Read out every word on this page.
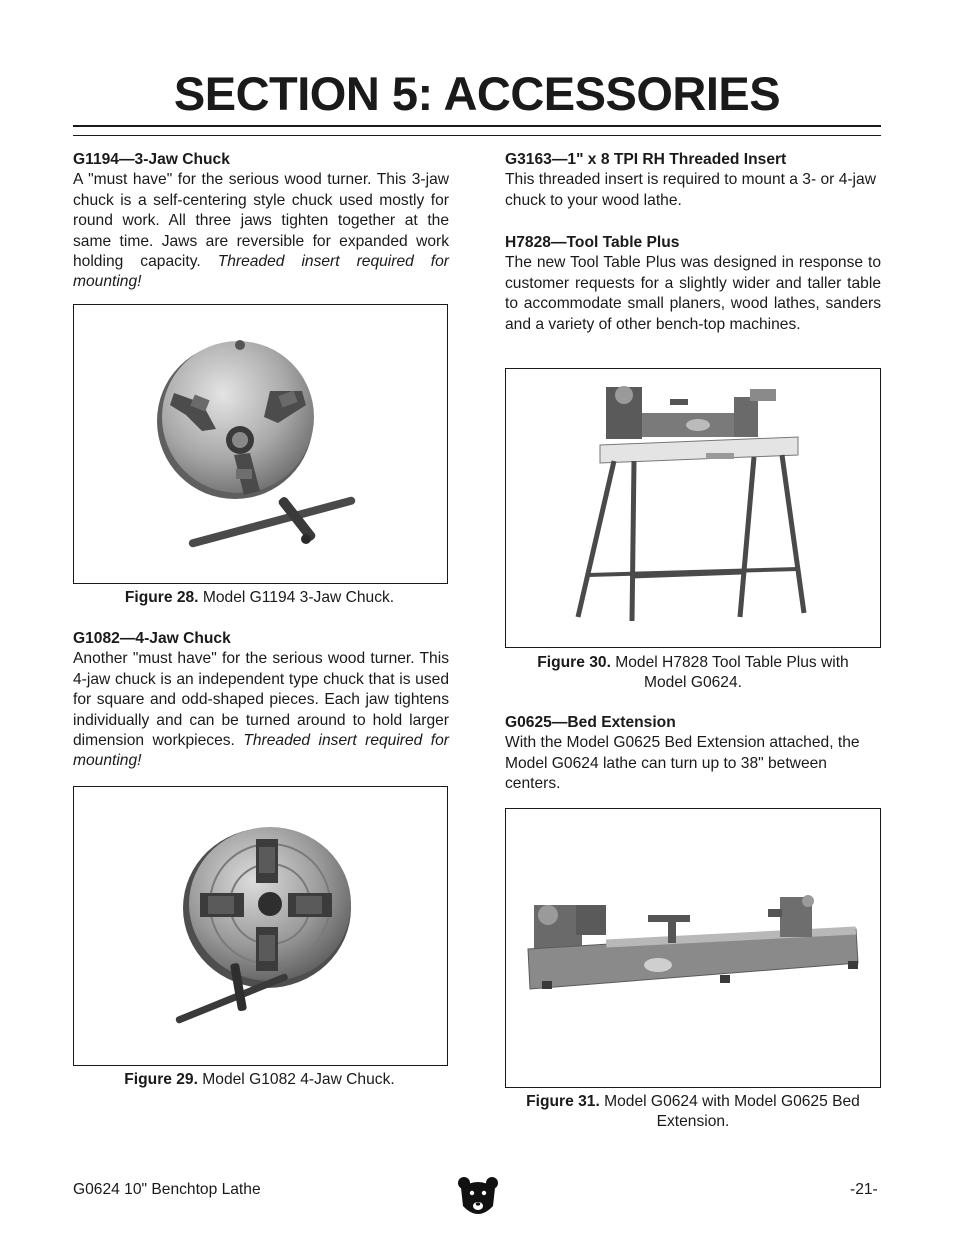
SECTION 5: ACCESSORIES
G1194—3-Jaw Chuck

A "must have" for the serious wood turner. This 3-jaw chuck is a self-centering style chuck used mostly for round work. All three jaws tighten together at the same time. Jaws are reversible for expanded work holding capacity. Threaded insert required for mounting!

Figure 28. Model G1194 3-Jaw Chuck.
G1082—4-Jaw Chuck

Another "must have" for the serious wood turner. This 4-jaw chuck is an independent type chuck that is used for square and odd-shaped pieces. Each jaw tightens individually and can be turned around to hold larger dimension workpieces. Threaded insert required for mounting!

Figure 29. Model G1082 4-Jaw Chuck.
G3163—1" x 8 TPI RH Threaded Insert

This threaded insert is required to mount a 3- or 4-jaw chuck to your wood lathe.

H7828—Tool Table Plus

The new Tool Table Plus was designed in response to customer requests for a slightly wider and taller table to accommodate small planers, wood lathes, sanders and a variety of other bench-top machines.

Figure 30. Model H7828 Tool Table Plus with
Model G0624.
G0625—Bed Extension

With the Model G0625 Bed Extension attached, the Model G0624 lathe can turn up to 38" between centers.

Figure 31. Model G0624 with Model G0625 Bed
Extension.
G0624 10" Benchtop Lathe	-21-
